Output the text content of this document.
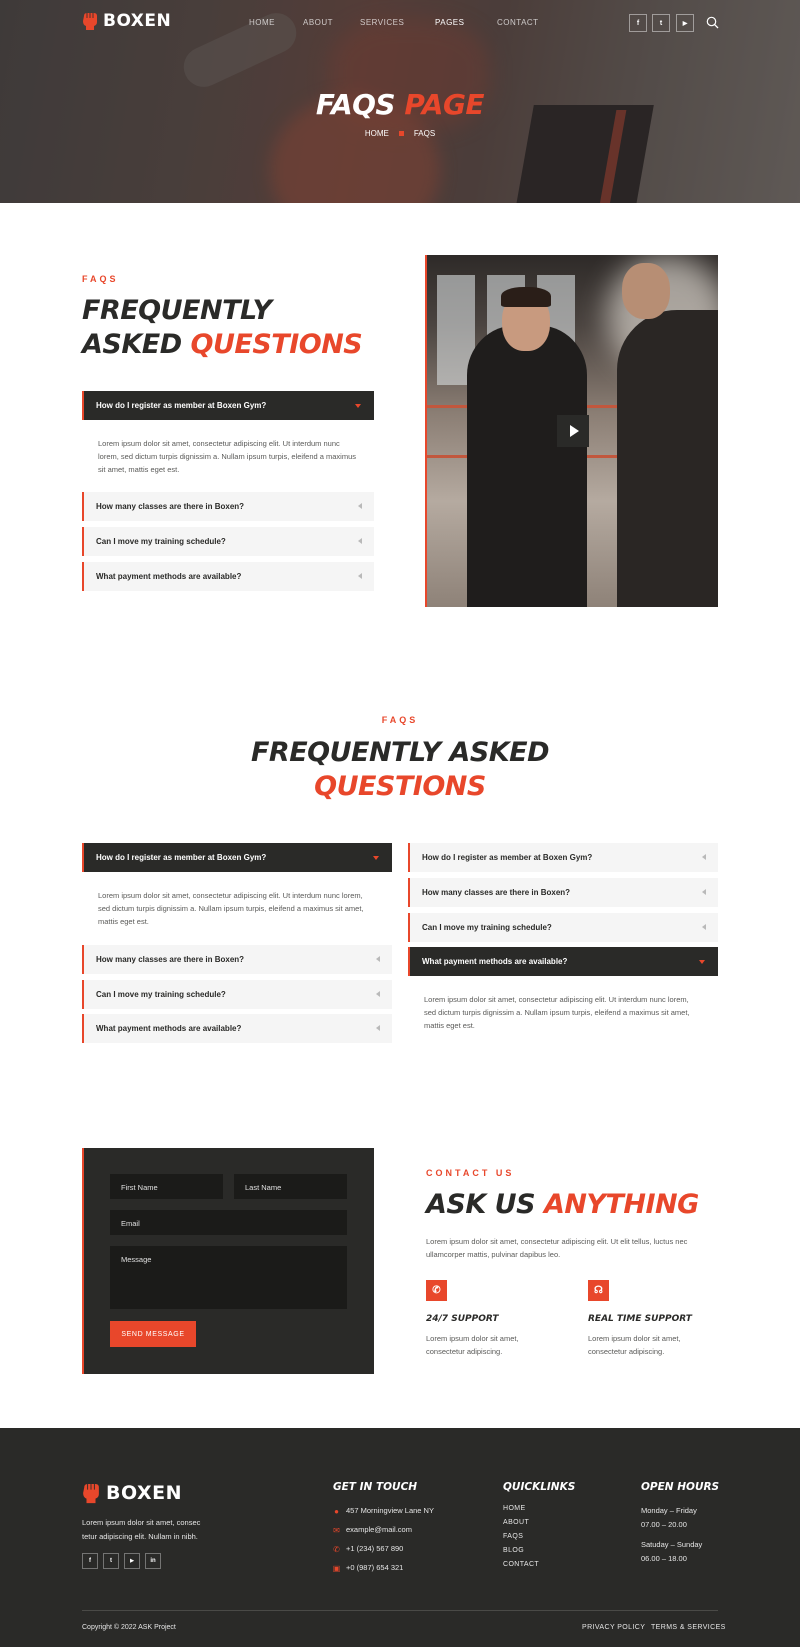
BOXEN	HOME	ABOUT	SERVICES	PAGES	CONTACT	f	t	▶
FAQS PAGE
HOME	FAQS
FAQS
FREQUENTLY
ASKED QUESTIONS
How do I register as member at Boxen Gym?
Lorem ipsum dolor sit amet, consectetur adipiscing elit. Ut interdum nunc lorem, sed dictum turpis dignissim a. Nullam ipsum turpis, eleifend a maximus sit amet, mattis eget est.
How many classes are there in Boxen?
Can I move my training schedule?
What payment methods are available?
FAQS
FREQUENTLY ASKED
QUESTIONS
How do I register as member at Boxen Gym?
Lorem ipsum dolor sit amet, consectetur adipiscing elit. Ut interdum nunc lorem, sed dictum turpis dignissim a. Nullam ipsum turpis, eleifend a maximus sit amet, mattis eget est.
How many classes are there in Boxen?
Can I move my training schedule?
What payment methods are available?
How do I register as member at Boxen Gym?
How many classes are there in Boxen?
Can I move my training schedule?
What payment methods are available?
Lorem ipsum dolor sit amet, consectetur adipiscing elit. Ut interdum nunc lorem, sed dictum turpis dignissim a. Nullam ipsum turpis, eleifend a maximus sit amet, mattis eget est.
First Name	Last Name
Email
Message
SEND MESSAGE
CONTACT US
ASK US ANYTHING
Lorem ipsum dolor sit amet, consectetur adipiscing elit. Ut elit tellus, luctus nec ullamcorper mattis, pulvinar dapibus leo.
✆
24/7 SUPPORT
Lorem ipsum dolor sit amet, consectetur adipiscing.
☊
REAL TIME SUPPORT
Lorem ipsum dolor sit amet, consectetur adipiscing.
BOXEN
Lorem ipsum dolor sit amet, consec tetur adipiscing elit. Nullam in nibh.
f	t	▶	in
GET IN TOUCH
● 457 Morningview Lane NY
✉ example@mail.com
✆ +1 (234) 567 890
▣ +0 (987) 654 321
QUICKLINKS
HOME
ABOUT
FAQS
BLOG
CONTACT
OPEN HOURS
Monday – Friday
07.00 – 20.00
Satuday – Sunday
06.00 – 18.00
Copyright © 2022 ASK Project	PRIVACY POLICY TERMS & SERVICES
